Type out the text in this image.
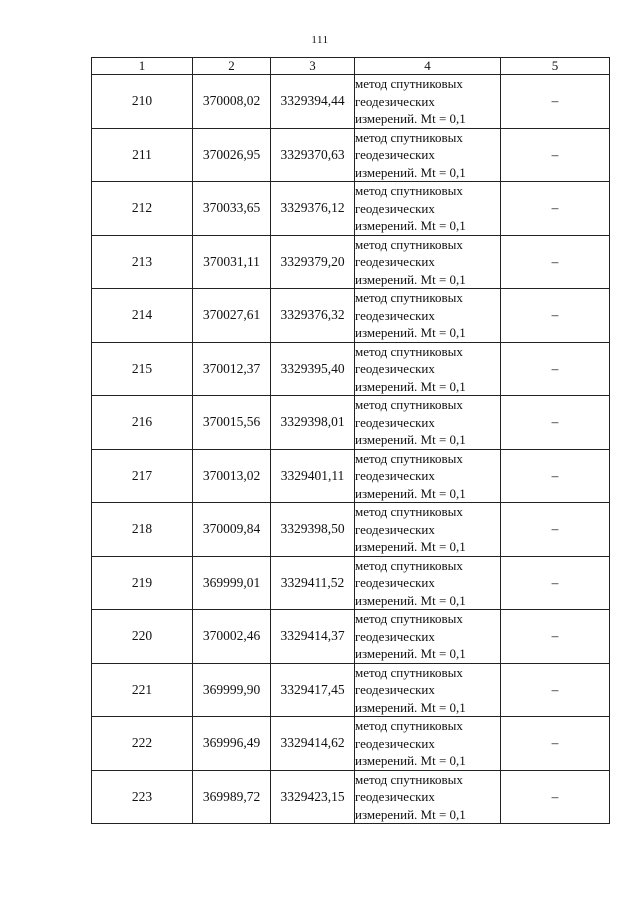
111
1	2	3	4	5
210	370008,02	3329394,44	метод спутниковых
геодезических
измерений. Mt = 0,1	–
211	370026,95	3329370,63	метод спутниковых
геодезических
измерений. Mt = 0,1	–
212	370033,65	3329376,12	метод спутниковых
геодезических
измерений. Mt = 0,1	–
213	370031,11	3329379,20	метод спутниковых
геодезических
измерений. Mt = 0,1	–
214	370027,61	3329376,32	метод спутниковых
геодезических
измерений. Mt = 0,1	–
215	370012,37	3329395,40	метод спутниковых
геодезических
измерений. Mt = 0,1	–
216	370015,56	3329398,01	метод спутниковых
геодезических
измерений. Mt = 0,1	–
217	370013,02	3329401,11	метод спутниковых
геодезических
измерений. Mt = 0,1	–
218	370009,84	3329398,50	метод спутниковых
геодезических
измерений. Mt = 0,1	–
219	369999,01	3329411,52	метод спутниковых
геодезических
измерений. Mt = 0,1	–
220	370002,46	3329414,37	метод спутниковых
геодезических
измерений. Mt = 0,1	–
221	369999,90	3329417,45	метод спутниковых
геодезических
измерений. Mt = 0,1	–
222	369996,49	3329414,62	метод спутниковых
геодезических
измерений. Mt = 0,1	–
223	369989,72	3329423,15	метод спутниковых
геодезических
измерений. Mt = 0,1	–
